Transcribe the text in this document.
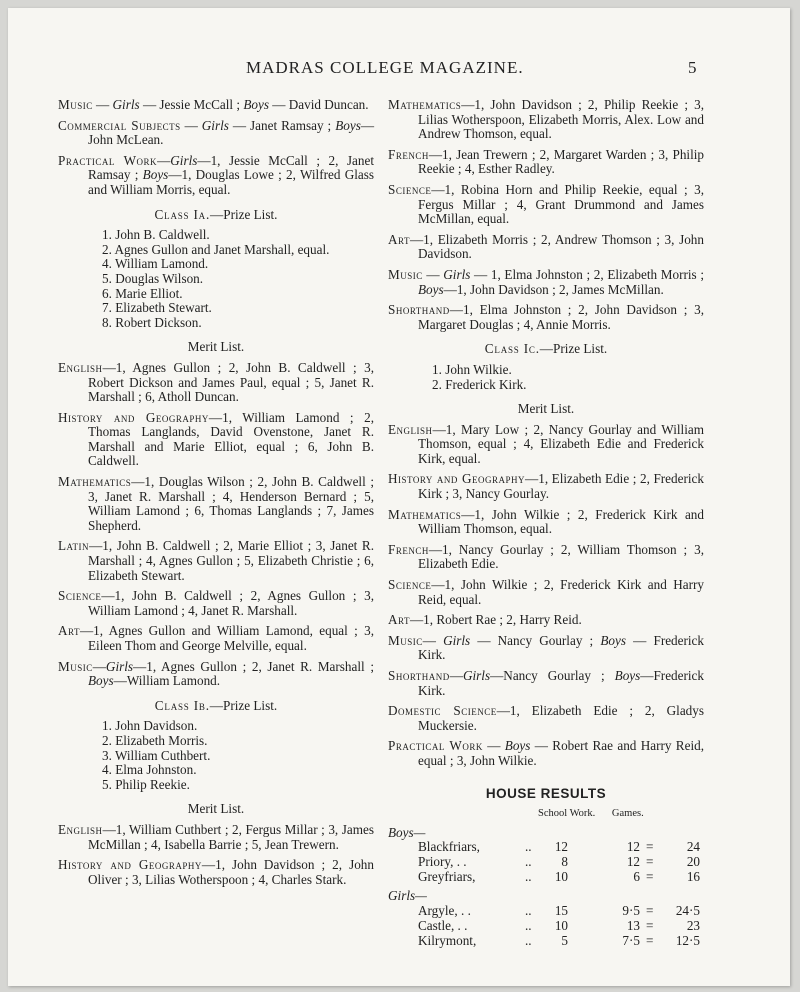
MADRAS COLLEGE MAGAZINE.	5
Music — Girls — Jessie McCall ; Boys — David Duncan.
Commercial Subjects — Girls — Janet Ramsay ; Boys—John McLean.
Practical Work—Girls—1, Jessie McCall ; 2, Janet Ramsay ; Boys—1, Douglas Lowe ; 2, Wilfred Glass and William Morris, equal.
Class Ia.—Prize List.
1. John B. Caldwell.
2. Agnes Gullon and Janet Marshall, equal.
4. William Lamond.
5. Douglas Wilson.
6. Marie Elliot.
7. Elizabeth Stewart.
8. Robert Dickson.
Merit List.
English—1, Agnes Gullon ; 2, John B. Caldwell ; 3, Robert Dickson and James Paul, equal ; 5, Janet R. Marshall ; 6, Atholl Duncan.
History and Geography—1, William Lamond ; 2, Thomas Langlands, David Ovenstone, Janet R. Marshall and Marie Elliot, equal ; 6, John B. Caldwell.
Mathematics—1, Douglas Wilson ; 2, John B. Caldwell ; 3, Janet R. Marshall ; 4, Henderson Bernard ; 5, William Lamond ; 6, Thomas Langlands ; 7, James Shepherd.
Latin—1, John B. Caldwell ; 2, Marie Elliot ; 3, Janet R. Marshall ; 4, Agnes Gullon ; 5, Elizabeth Christie ; 6, Elizabeth Stewart.
Science—1, John B. Caldwell ; 2, Agnes Gullon ; 3, William Lamond ; 4, Janet R. Marshall.
Art—1, Agnes Gullon and William Lamond, equal ; 3, Eileen Thom and George Melville, equal.
Music—Girls—1, Agnes Gullon ; 2, Janet R. Marshall ; Boys—William Lamond.
Class Ib.—Prize List.
1. John Davidson.
2. Elizabeth Morris.
3. William Cuthbert.
4. Elma Johnston.
5. Philip Reekie.
Merit List.
English—1, William Cuthbert ; 2, Fergus Millar ; 3, James McMillan ; 4, Isabella Barrie ; 5, Jean Trewern.
History and Geography—1, John Davidson ; 2, John Oliver ; 3, Lilias Wotherspoon ; 4, Charles Stark.
Mathematics—1, John Davidson ; 2, Philip Reekie ; 3, Lilias Wotherspoon, Elizabeth Morris, Alex. Low and Andrew Thomson, equal.
French—1, Jean Trewern ; 2, Margaret Warden ; 3, Philip Reekie ; 4, Esther Radley.
Science—1, Robina Horn and Philip Reekie, equal ; 3, Fergus Millar ; 4, Grant Drummond and James McMillan, equal.
Art—1, Elizabeth Morris ; 2, Andrew Thomson ; 3, John Davidson.
Music — Girls — 1, Elma Johnston ; 2, Elizabeth Morris ; Boys—1, John Davidson ; 2, James McMillan.
Shorthand—1, Elma Johnston ; 2, John Davidson ; 3, Margaret Douglas ; 4, Annie Morris.
Class Ic.—Prize List.
1. John Wilkie.
2. Frederick Kirk.
Merit List.
English—1, Mary Low ; 2, Nancy Gourlay and William Thomson, equal ; 4, Elizabeth Edie and Frederick Kirk, equal.
History and Geography—1, Elizabeth Edie ; 2, Frederick Kirk ; 3, Nancy Gourlay.
Mathematics—1, John Wilkie ; 2, Frederick Kirk and William Thomson, equal.
French—1, Nancy Gourlay ; 2, William Thomson ; 3, Elizabeth Edie.
Science—1, John Wilkie ; 2, Frederick Kirk and Harry Reid, equal.
Art—1, Robert Rae ; 2, Harry Reid.
Music— Girls — Nancy Gourlay ; Boys — Frederick Kirk.
Shorthand—Girls—Nancy Gourlay ; Boys—Frederick Kirk.
Domestic Science—1, Elizabeth Edie ; 2, Gladys Muckersie.
Practical Work — Boys — Robert Rae and Harry Reid, equal ; 3, John Wilkie.
HOUSE RESULTS
School Work. Games.
Boys—
Blackfriars,	..	12	12 =	24
Priory, . .	..	8	12 =	20
Greyfriars,	..	10	6 =	16
Girls—
Argyle, . .	..	15	9·5 =	24·5
Castle, . .	..	10	13 =	23
Kilrymont,	..	5	7·5 =	12·5
